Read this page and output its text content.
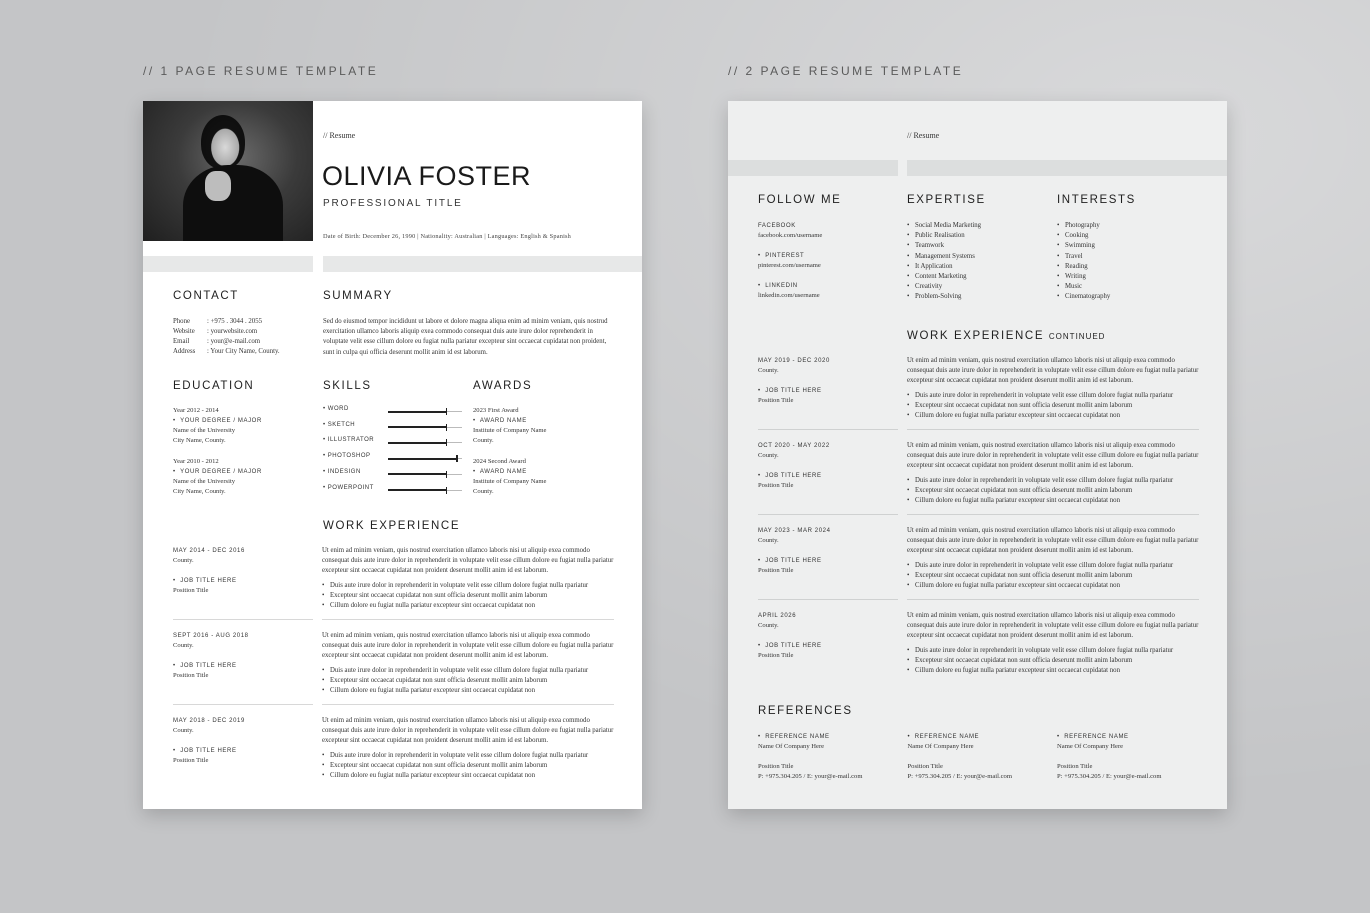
// 1 PAGE RESUME TEMPLATE	// 2 PAGE RESUME TEMPLATE
// Resume
OLIVIA FOSTER
PROFESSIONAL TITLE
Date of Birth: December 26, 1990 | Nationality: Australian | Languages: English & Spanish
CONTACT
Phone	: +975 . 3044 . 2055
Website : yourwebsite.com
Email	: your@e-mail.com
Address : Your City Name, County.
SUMMARY
Sed do eiusmod tempor incididunt ut labore et dolore magna aliqua enim ad minim veniam, quis nostrud exercitation ullamco laboris aliquip exea commodo consequat duis aute irure dolor reprehenderit in voluptate velit esse cillum dolore eu fugiat nulla pariatur excepteur sint occaecat cupidatat non proident, sunt in culpa qui officia deserunt mollit anim id est laborum.
EDUCATION
Year 2012 - 2014
•  YOUR DEGREE / MAJOR
Name of the University
City Name, County.
Year 2010 - 2012
•  YOUR DEGREE / MAJOR
Name of the University
City Name, County.
SKILLS
• WORD
• SKETCH
• ILLUSTRATOR
• PHOTOSHOP
• INDESIGN
• POWERPOINT
AWARDS
2023 First Award
•  AWARD NAME
Institute of Company Name
County.
2024 Second Award
•  AWARD NAME
Institute of Company Name
County.
WORK EXPERIENCE
MAY 2014 - DEC 2016
County.
•  JOB TITLE HERE
Position Title
Ut enim ad minim veniam, quis nostrud exercitation ullamco laboris nisi ut aliquip exea commodo consequat duis aute irure dolor in reprehenderit in voluptate velit esse cillum dolore eu fugiat nulla pariatur excepteur sint occaecat cupidatat non proident deserunt mollit anim id est laborum.
• Duis aute irure dolor in reprehenderit in voluptate velit esse cillum dolore fugiat nulla rpariatur
• Excepteur sint occaecat cupidatat non sunt officia deserunt mollit anim laborum
• Cillum dolore eu fugiat nulla pariatur excepteur sint occaecat cupidatat non
SEPT 2016 - AUG 2018
County.
•  JOB TITLE HERE
Position Title
Ut enim ad minim veniam, quis nostrud exercitation ullamco laboris nisi ut aliquip exea commodo consequat duis aute irure dolor in reprehenderit in voluptate velit esse cillum dolore eu fugiat nulla pariatur excepteur sint occaecat cupidatat non proident deserunt mollit anim id est laborum.
• Duis aute irure dolor in reprehenderit in voluptate velit esse cillum dolore fugiat nulla rpariatur
• Excepteur sint occaecat cupidatat non sunt officia deserunt mollit anim laborum
• Cillum dolore eu fugiat nulla pariatur excepteur sint occaecat cupidatat non
MAY 2018 - DEC 2019
County.
•  JOB TITLE HERE
Position Title
Ut enim ad minim veniam, quis nostrud exercitation ullamco laboris nisi ut aliquip exea commodo consequat duis aute irure dolor in reprehenderit in voluptate velit esse cillum dolore eu fugiat nulla pariatur excepteur sint occaecat cupidatat non proident deserunt mollit anim id est laborum.
• Duis aute irure dolor in reprehenderit in voluptate velit esse cillum dolore fugiat nulla rpariatur
• Excepteur sint occaecat cupidatat non sunt officia deserunt mollit anim laborum
• Cillum dolore eu fugiat nulla pariatur excepteur sint occaecat cupidatat non
// Resume
FOLLOW ME
FACEBOOK
facebook.com/username
•  PINTEREST
pinterest.com/username
•  LINKEDIN
linkedin.com/username
EXPERTISE
• Social Media Marketing
• Public Realisation
• Teamwork
• Management Systems
• It Application
• Content Marketing
• Creativity
• Problem-Solving
INTERESTS
• Photography
• Cooking
• Swimming
• Travel
• Reading
• Writing
• Music
• Cinematography
WORK EXPERIENCE CONTINUED
MAY 2019 - DEC 2020
County.
•  JOB TITLE HERE
Position Title
Ut enim ad minim veniam, quis nostrud exercitation ullamco laboris nisi ut aliquip exea commodo consequat duis aute irure dolor in reprehenderit in voluptate velit esse cillum dolore eu fugiat nulla pariatur excepteur sint occaecat cupidatat non proident deserunt mollit anim id est laborum.
• Duis aute irure dolor in reprehenderit in voluptate velit esse cillum dolore fugiat nulla rpariatur
• Excepteur sint occaecat cupidatat non sunt officia deserunt mollit anim laborum
• Cillum dolore eu fugiat nulla pariatur excepteur sint occaecat cupidatat non
OCT 2020 - MAY 2022
County.
•  JOB TITLE HERE
Position Title
Ut enim ad minim veniam, quis nostrud exercitation ullamco laboris nisi ut aliquip exea commodo consequat duis aute irure dolor in reprehenderit in voluptate velit esse cillum dolore eu fugiat nulla pariatur excepteur sint occaecat cupidatat non proident deserunt mollit anim id est laborum.
• Duis aute irure dolor in reprehenderit in voluptate velit esse cillum dolore fugiat nulla rpariatur
• Excepteur sint occaecat cupidatat non sunt officia deserunt mollit anim laborum
• Cillum dolore eu fugiat nulla pariatur excepteur sint occaecat cupidatat non
MAY 2023 - MAR 2024
County.
•  JOB TITLE HERE
Position Title
Ut enim ad minim veniam, quis nostrud exercitation ullamco laboris nisi ut aliquip exea commodo consequat duis aute irure dolor in reprehenderit in voluptate velit esse cillum dolore eu fugiat nulla pariatur excepteur sint occaecat cupidatat non proident deserunt mollit anim id est laborum.
• Duis aute irure dolor in reprehenderit in voluptate velit esse cillum dolore fugiat nulla rpariatur
• Excepteur sint occaecat cupidatat non sunt officia deserunt mollit anim laborum
• Cillum dolore eu fugiat nulla pariatur excepteur sint occaecat cupidatat non
APRIL 2026
County.
•  JOB TITLE HERE
Position Title
Ut enim ad minim veniam, quis nostrud exercitation ullamco laboris nisi ut aliquip exea commodo consequat duis aute irure dolor in reprehenderit in voluptate velit esse cillum dolore eu fugiat nulla pariatur excepteur sint occaecat cupidatat non proident deserunt mollit anim id est laborum.
• Duis aute irure dolor in reprehenderit in voluptate velit esse cillum dolore fugiat nulla rpariatur
• Excepteur sint occaecat cupidatat non sunt officia deserunt mollit anim laborum
• Cillum dolore eu fugiat nulla pariatur excepteur sint occaecat cupidatat non
REFERENCES
•  REFERENCE NAME
Name Of Company Here
Position Title
P: +975.304.205 / E: your@e-mail.com
•  REFERENCE NAME
Name Of Company Here
Position Title
P: +975.304.205 / E: your@e-mail.com
•  REFERENCE NAME
Name Of Company Here
Position Title
P: +975.304.205 / E: your@e-mail.com
